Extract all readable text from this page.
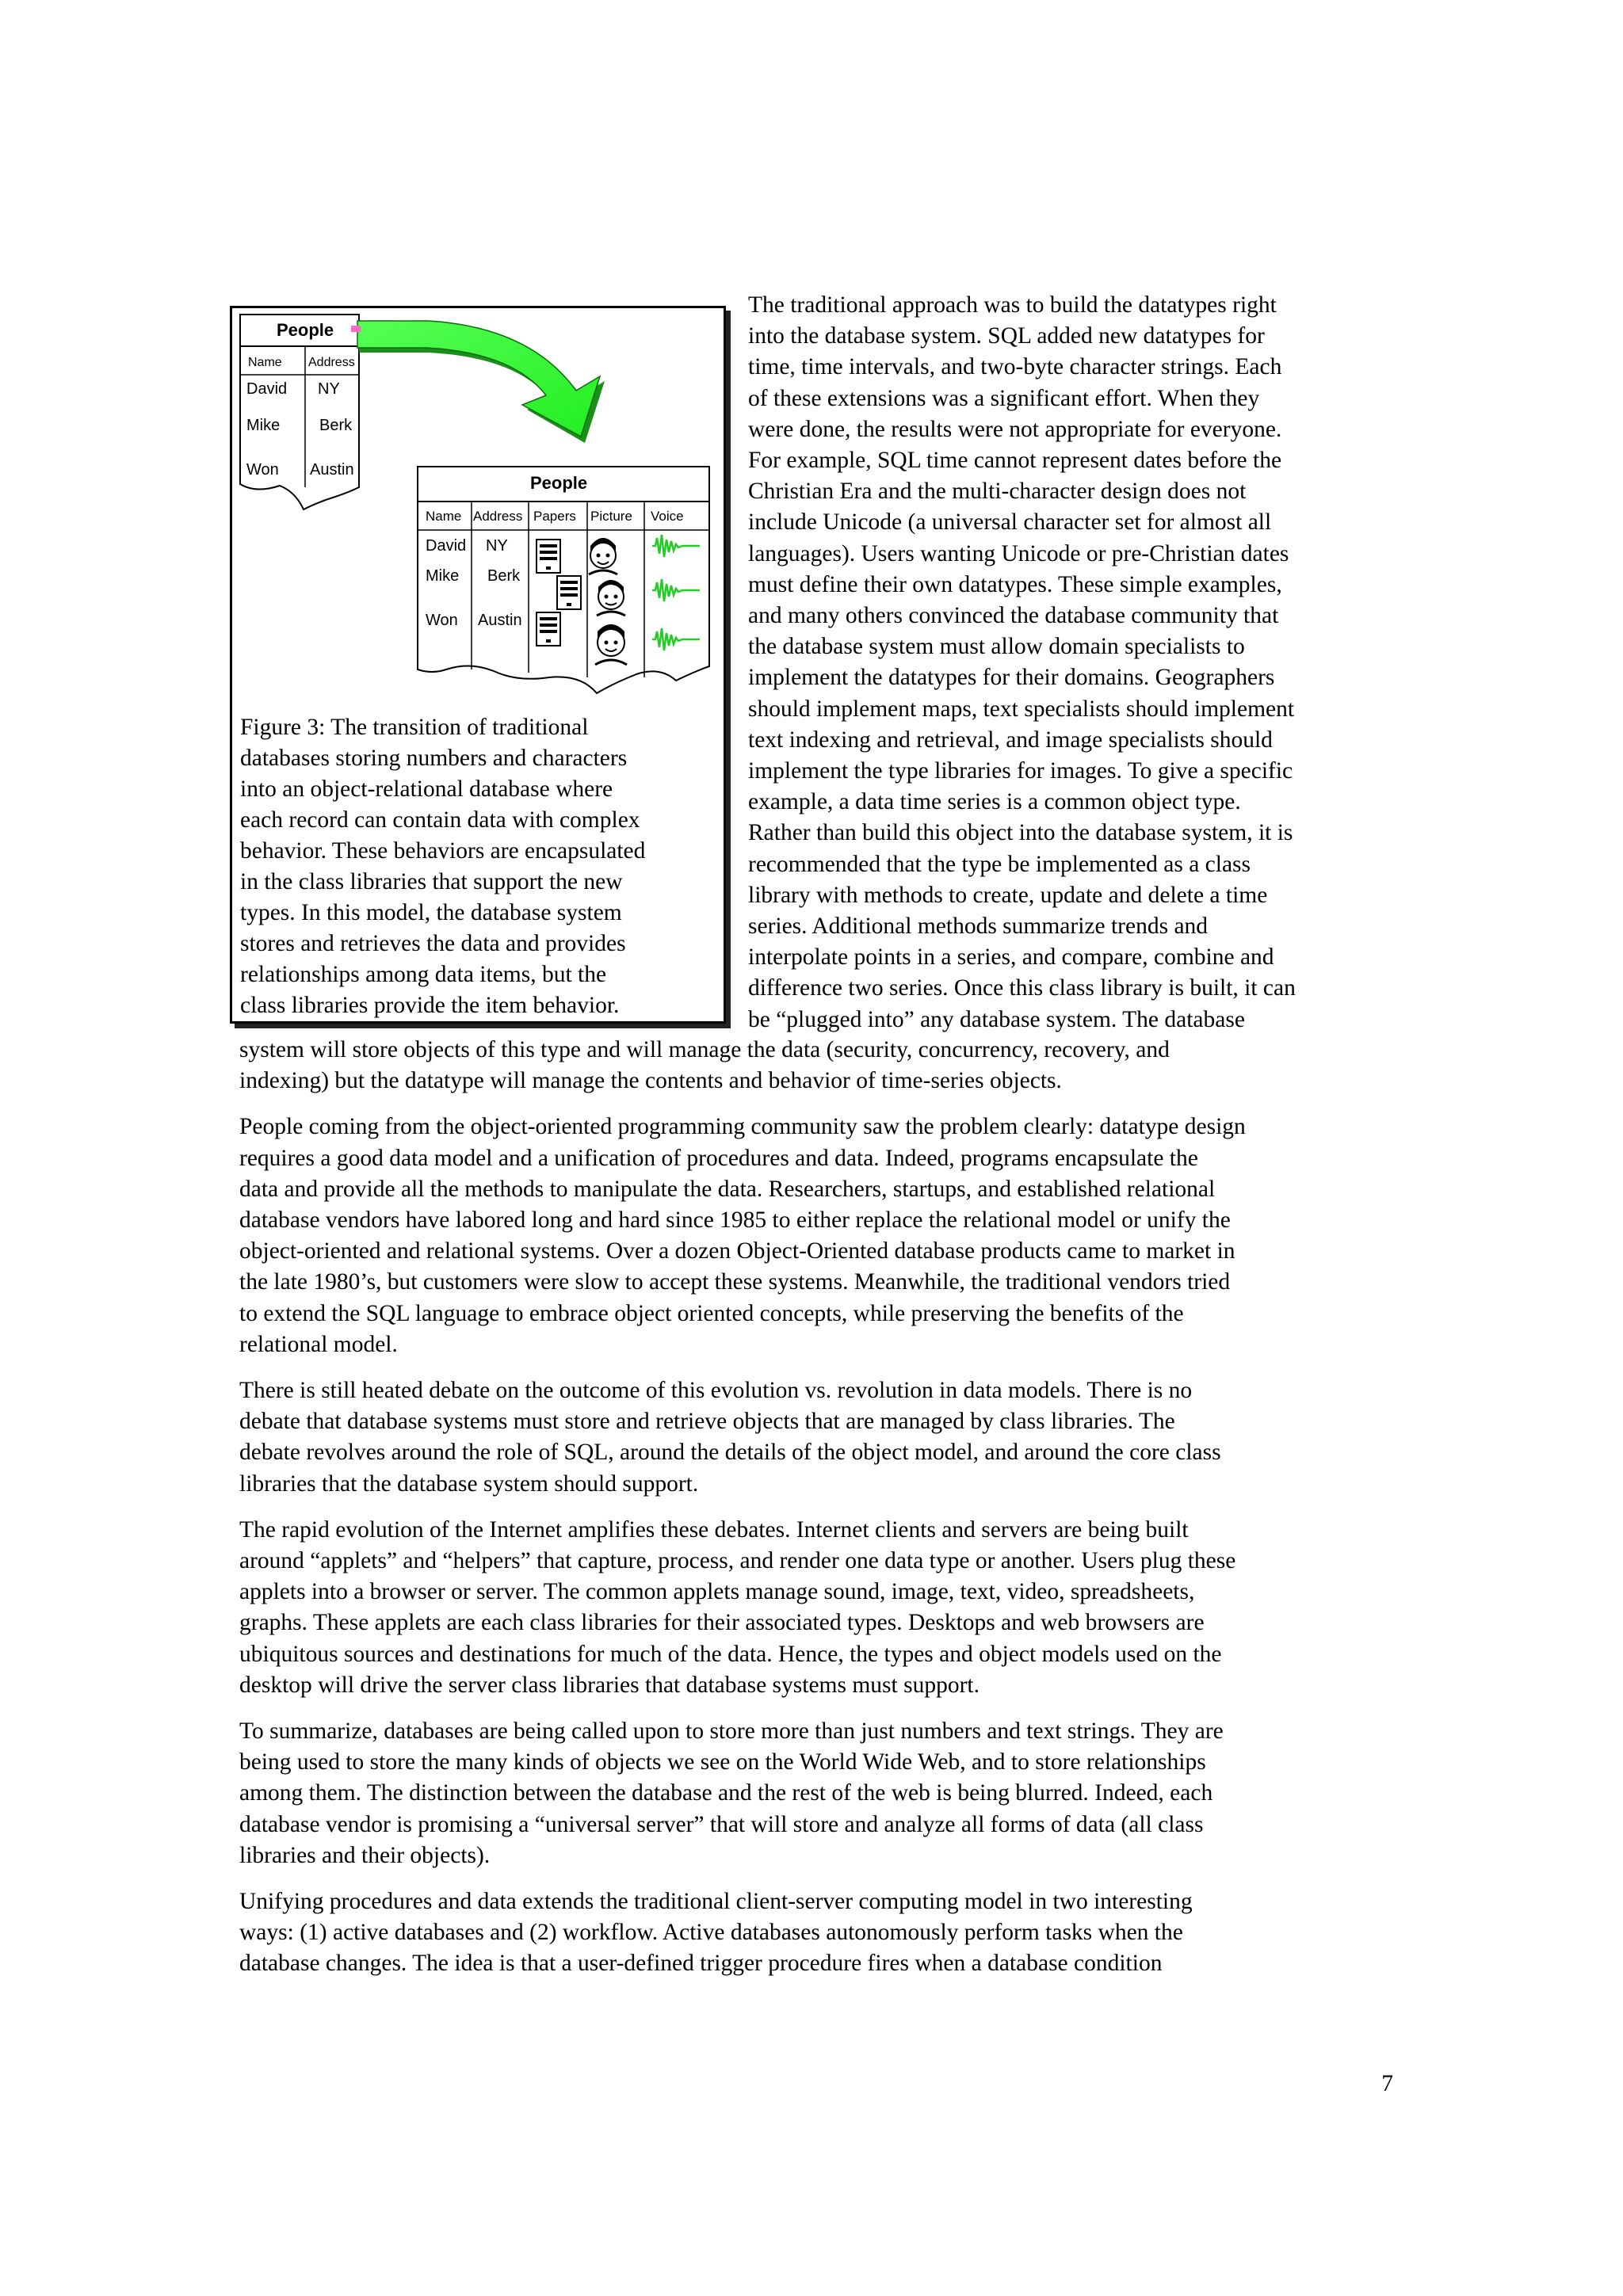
People
Name Address
David NY
Mike Berk
Won Austin
People
Name Address Papers Picture Voice
David NY
Mike Berk
Won Austin
Figure 3: The transition of traditional
databases storing numbers and characters
into an object-relational database where
each record can contain data with complex
behavior. These behaviors are encapsulated
in the class libraries that support the new
types. In this model, the database system
stores and retrieves the data and provides
relationships among data items, but the
class libraries provide the item behavior.
The traditional approach was to build the datatypes right
into the database system. SQL added new datatypes for
time, time intervals, and two-byte character strings. Each
of these extensions was a significant effort. When they
were done, the results were not appropriate for everyone.
For example, SQL time cannot represent dates before the
Christian Era and the multi-character design does not
include Unicode (a universal character set for almost all
languages). Users wanting Unicode or pre-Christian dates
must define their own datatypes. These simple examples,
and many others convinced the database community that
the database system must allow domain specialists to
implement the datatypes for their domains. Geographers
should implement maps, text specialists should implement
text indexing and retrieval, and image specialists should
implement the type libraries for images. To give a specific
example, a data time series is a common object type.
Rather than build this object into the database system, it is
recommended that the type be implemented as a class
library with methods to create, update and delete a time
series. Additional methods summarize trends and
interpolate points in a series, and compare, combine and
difference two series. Once this class library is built, it can
be “plugged into” any database system. The database
system will store objects of this type and will manage the data (security, concurrency, recovery, and
indexing) but the datatype will manage the contents and behavior of time-series objects.
People coming from the object-oriented programming community saw the problem clearly: datatype design
requires a good data model and a unification of procedures and data. Indeed, programs encapsulate the
data and provide all the methods to manipulate the data. Researchers, startups, and established relational
database vendors have labored long and hard since 1985 to either replace the relational model or unify the
object-oriented and relational systems. Over a dozen Object-Oriented database products came to market in
the late 1980’s, but customers were slow to accept these systems. Meanwhile, the traditional vendors tried
to extend the SQL language to embrace object oriented concepts, while preserving the benefits of the
relational model.
There is still heated debate on the outcome of this evolution vs. revolution in data models. There is no
debate that database systems must store and retrieve objects that are managed by class libraries. The
debate revolves around the role of SQL, around the details of the object model, and around the core class
libraries that the database system should support.
The rapid evolution of the Internet amplifies these debates. Internet clients and servers are being built
around “applets” and “helpers” that capture, process, and render one data type or another. Users plug these
applets into a browser or server. The common applets manage sound, image, text, video, spreadsheets,
graphs. These applets are each class libraries for their associated types. Desktops and web browsers are
ubiquitous sources and destinations for much of the data. Hence, the types and object models used on the
desktop will drive the server class libraries that database systems must support.
To summarize, databases are being called upon to store more than just numbers and text strings. They are
being used to store the many kinds of objects we see on the World Wide Web, and to store relationships
among them. The distinction between the database and the rest of the web is being blurred. Indeed, each
database vendor is promising a “universal server” that will store and analyze all forms of data (all class
libraries and their objects).
Unifying procedures and data extends the traditional client-server computing model in two interesting
ways: (1) active databases and (2) workflow. Active databases autonomously perform tasks when the
database changes. The idea is that a user-defined trigger procedure fires when a database condition
7
